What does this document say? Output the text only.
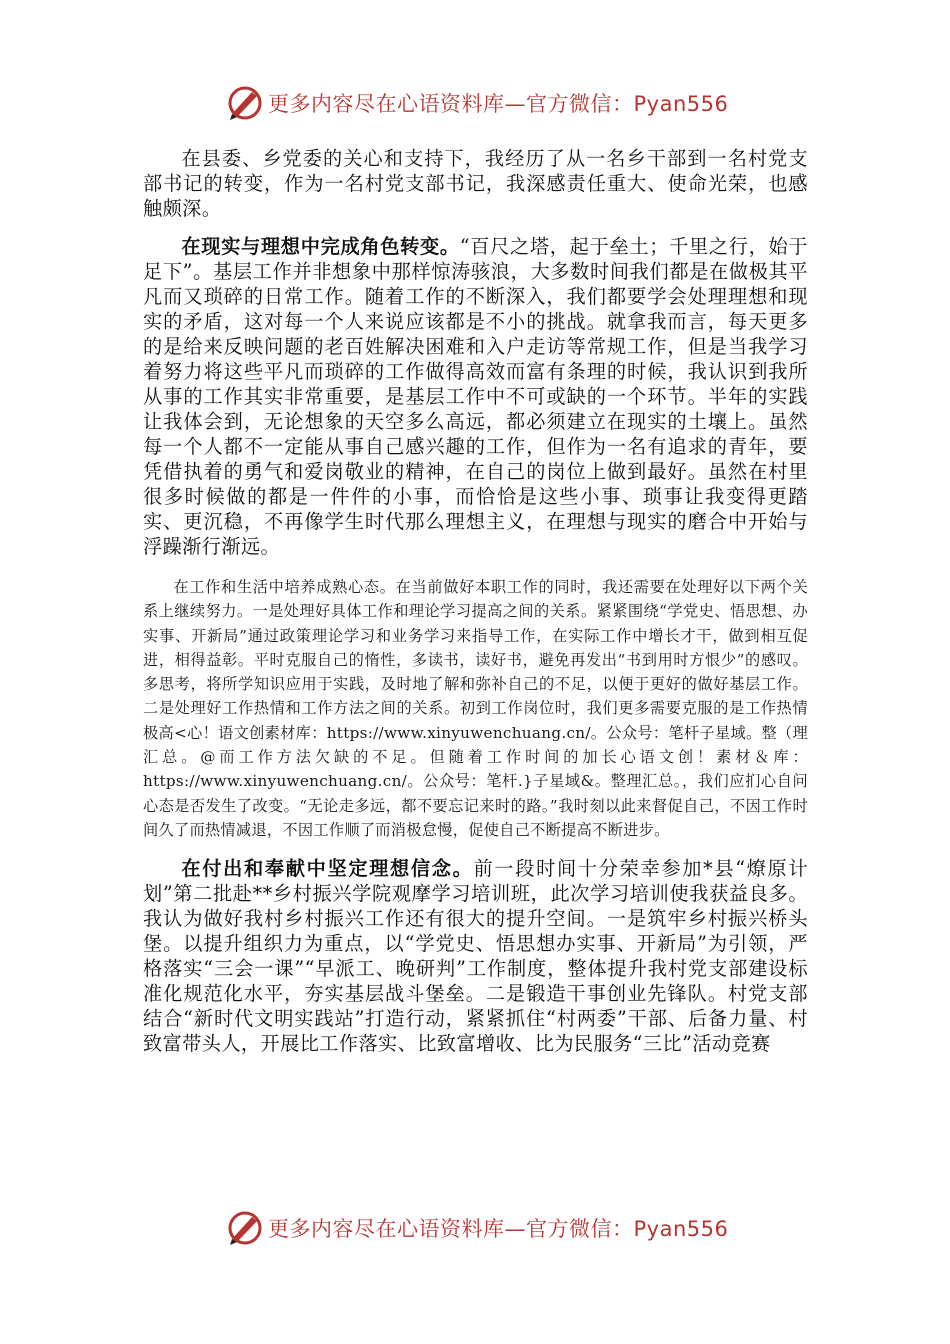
更多内容尽在心语资料库—官方微信：Pyan556

在县委、乡党委的关心和支持下，我经历了从一名乡干部到一名村党支部书记的转变，作为一名村党支部书记，我深感责任重大、使命光荣，也感触颇深。

在现实与理想中完成角色转变。“百尺之塔，起于垒土；千里之行，始于足下”。基层工作并非想象中那样惊涛骇浪，大多数时间我们都是在做极其平凡而又琐碎的日常工作。随着工作的不断深入，我们都要学会处理理想和现实的矛盾，这对每一个人来说应该都是不小的挑战。就拿我而言，每天更多的是给来反映问题的老百姓解决困难和入户走访等常规工作，但是当我学习着努力将这些平凡而琐碎的工作做得高效而富有条理的时候，我认识到我所从事的工作其实非常重要，是基层工作中不可或缺的一个环节。半年的实践让我体会到，无论想象的天空多么高远，都必须建立在现实的土壤上。虽然每一个人都不一定能从事自己感兴趣的工作，但作为一名有追求的青年，要凭借执着的勇气和爱岗敬业的精神，在自己的岗位上做到最好。虽然在村里很多时候做的都是一件件的小事，而恰恰是这些小事、琐事让我变得更踏实、更沉稳，不再像学生时代那么理想主义，在理想与现实的磨合中开始与浮躁渐行渐远。

在工作和生活中培养成熟心态。在当前做好本职工作的同时，我还需要在处理好以下两个关系上继续努力。一是处理好具体工作和理论学习提高之间的关系。紧紧围绕“学党史、悟思想、办实事、开新局”通过政策理论学习和业务学习来指导工作，在实际工作中增长才干，做到相互促进，相得益彰。平时克服自己的惰性，多读书，读好书，避免再发出“书到用时方恨少”的感叹。多思考，将所学知识应用于实践，及时地了解和弥补自己的不足，以便于更好的做好基层工作。二是处理好工作热情和工作方法之间的关系。初到工作岗位时，我们更多需要克服的是工作热情极高<心！语文创素材库：https://www.xinyuwenchuang.cn/。公众号：笔杆子星域。整（理汇总。@而工作方法欠缺的不足。但随着工作时间的加长心语文创！素材＆库：https://www.xinyuwenchuang.cn/。公众号：笔杆.}子星域&。整理汇总。，我们应扪心自问心态是否发生了改变。“无论走多远，都不要忘记来时的路。”我时刻以此来督促自己，不因工作时间久了而热情减退，不因工作顺了而消极怠慢，促使自己不断提高不断进步。

在付出和奉献中坚定理想信念。前一段时间十分荣幸参加*县“燎原计划”第二批赴**乡村振兴学院观摩学习培训班，此次学习培训使我获益良多。我认为做好我村乡村振兴工作还有很大的提升空间。一是筑牢乡村振兴桥头堡。以提升组织力为重点，以“学党史、悟思想办实事、开新局”为引领，严格落实“三会一课”“早派工、晚研判”工作制度，整体提升我村党支部建设标准化规范化水平，夯实基层战斗堡垒。二是锻造干事创业先锋队。村党支部结合“新时代文明实践站”打造行动，紧紧抓住“村两委”干部、后备力量、村致富带头人，开展比工作落实、比致富增收、比为民服务“三比”活动竞赛

更多内容尽在心语资料库—官方微信：Pyan556
